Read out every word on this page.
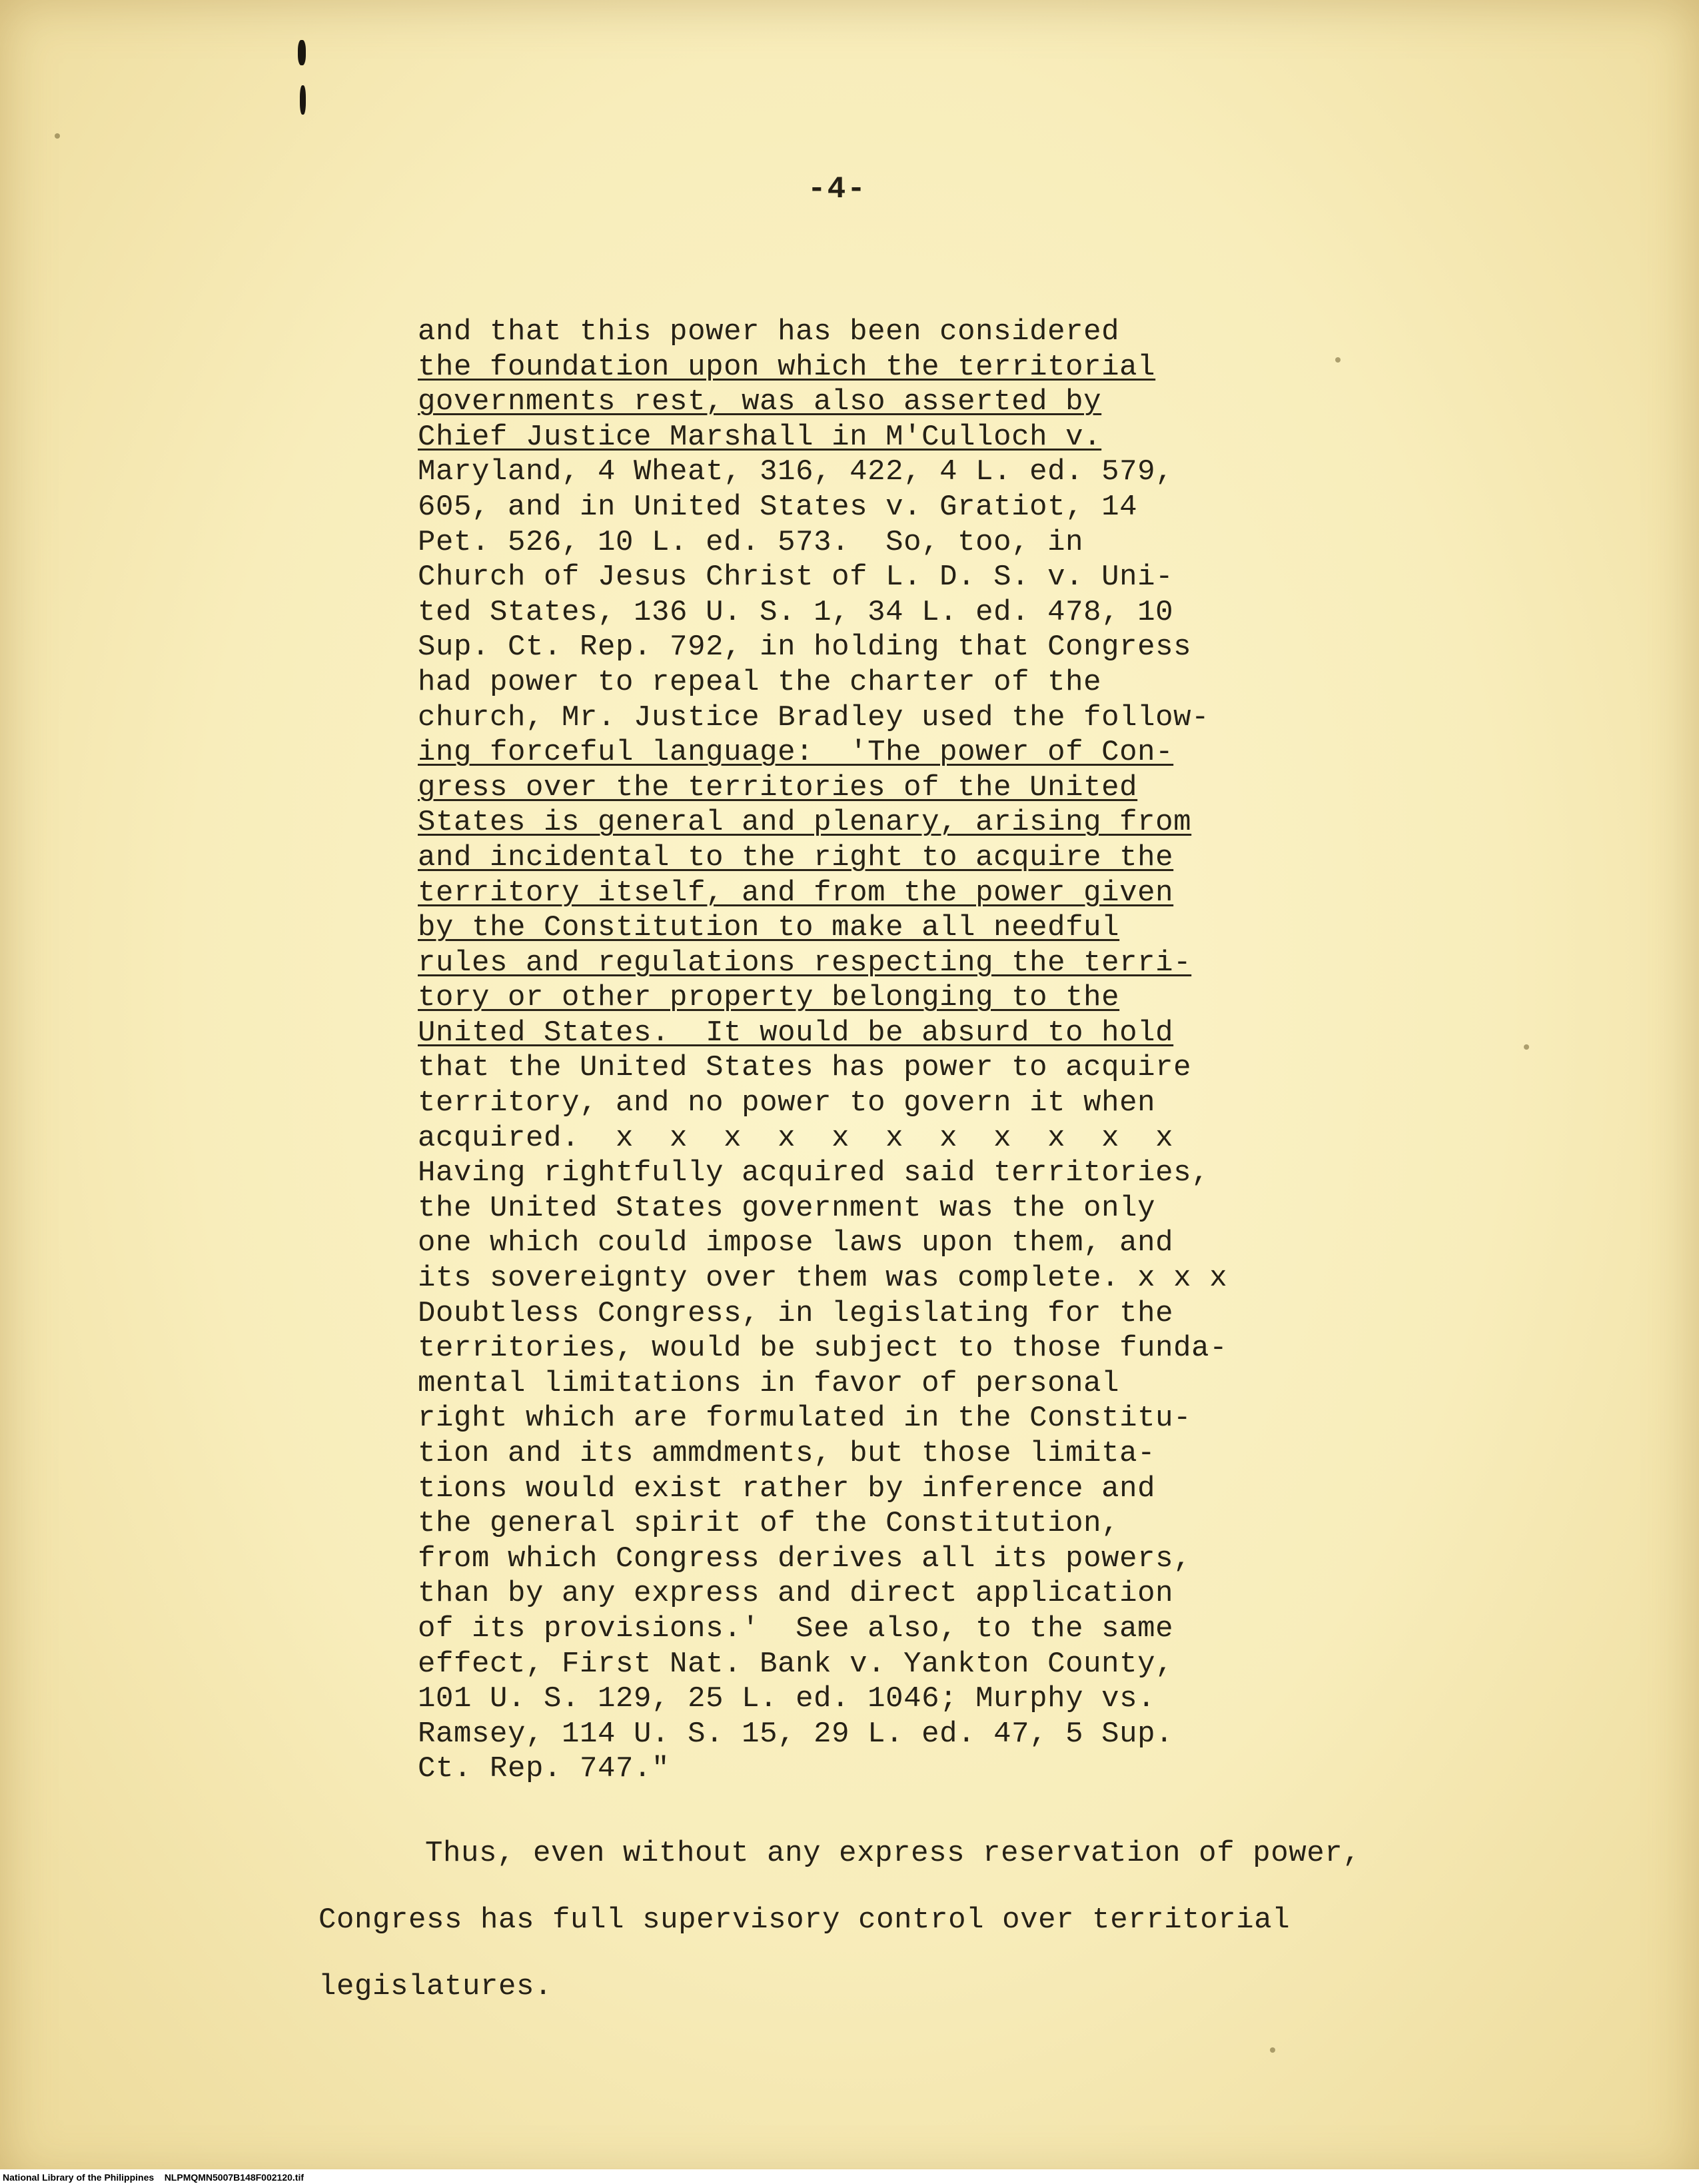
-4-

and that this power has been considered
the foundation upon which the territorial
governments rest, was also asserted by
Chief Justice Marshall in M'Culloch v.
Maryland, 4 Wheat, 316, 422, 4 L. ed. 579,
605, and in United States v. Gratiot, 14
Pet. 526, 10 L. ed. 573.  So, too, in
Church of Jesus Christ of L. D. S. v. Uni-
ted States, 136 U. S. 1, 34 L. ed. 478, 10
Sup. Ct. Rep. 792, in holding that Congress
had power to repeal the charter of the
church, Mr. Justice Bradley used the follow-
ing forceful language:  'The power of Con-
gress over the territories of the United
States is general and plenary, arising from
and incidental to the right to acquire the
territory itself, and from the power given
by the Constitution to make all needful
rules and regulations respecting the terri-
tory or other property belonging to the
United States.  It would be absurd to hold
that the United States has power to acquire
territory, and no power to govern it when
acquired.  x  x  x  x  x  x  x  x  x  x  x
Having rightfully acquired said territories,
the United States government was the only
one which could impose laws upon them, and
its sovereignty over them was complete. x x x
Doubtless Congress, in legislating for the
territories, would be subject to those funda-
mental limitations in favor of personal
right which are formulated in the Constitu-
tion and its ammdments, but those limita-
tions would exist rather by inference and
the general spirit of the Constitution,
from which Congress derives all its powers,
than by any express and direct application
of its provisions.'  See also, to the same
effect, First Nat. Bank v. Yankton County,
101 U. S. 129, 25 L. ed. 1046; Murphy vs.
Ramsey, 114 U. S. 15, 29 L. ed. 47, 5 Sup.
Ct. Rep. 747."
Thus, even without any express reservation of power,
Congress has full supervisory control over territorial
legislatures.
National Library of the Philippines    NLPMQMN5007B148F002120.tif
